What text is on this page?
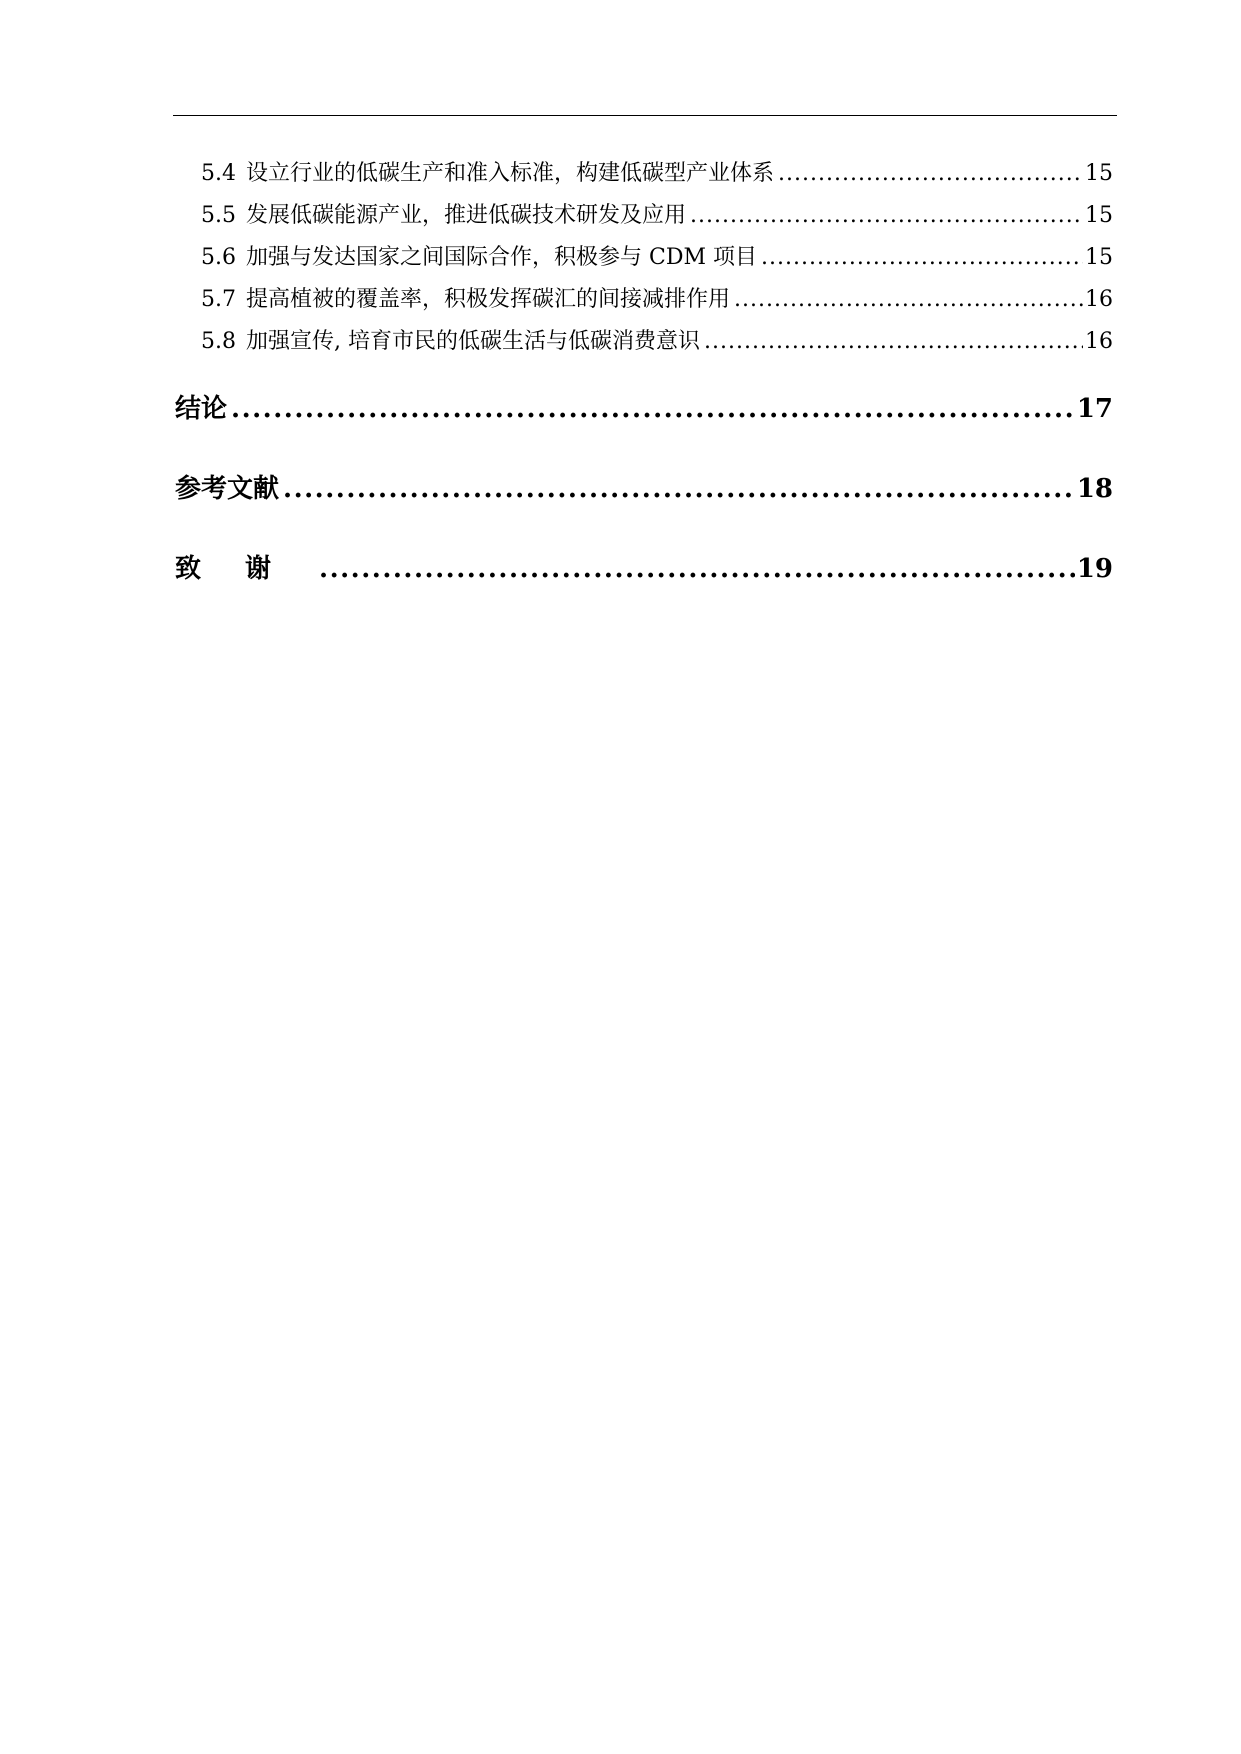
5.4 设立行业的低碳生产和准入标准，构建低碳型产业体系 .....	15
5.5 发展低碳能源产业，推进低碳技术研发及应用 .....	15
5.6 加强与发达国家之间国际合作，积极参与 CDM 项目 .....	15
5.7 提高植被的覆盖率，积极发挥碳汇的间接减排作用 .....	16
5.8 加强宣传, 培育市民的低碳生活与低碳消费意识 .....	16
结论 .....	17
参考文献 .....	18
致谢 .....	19
